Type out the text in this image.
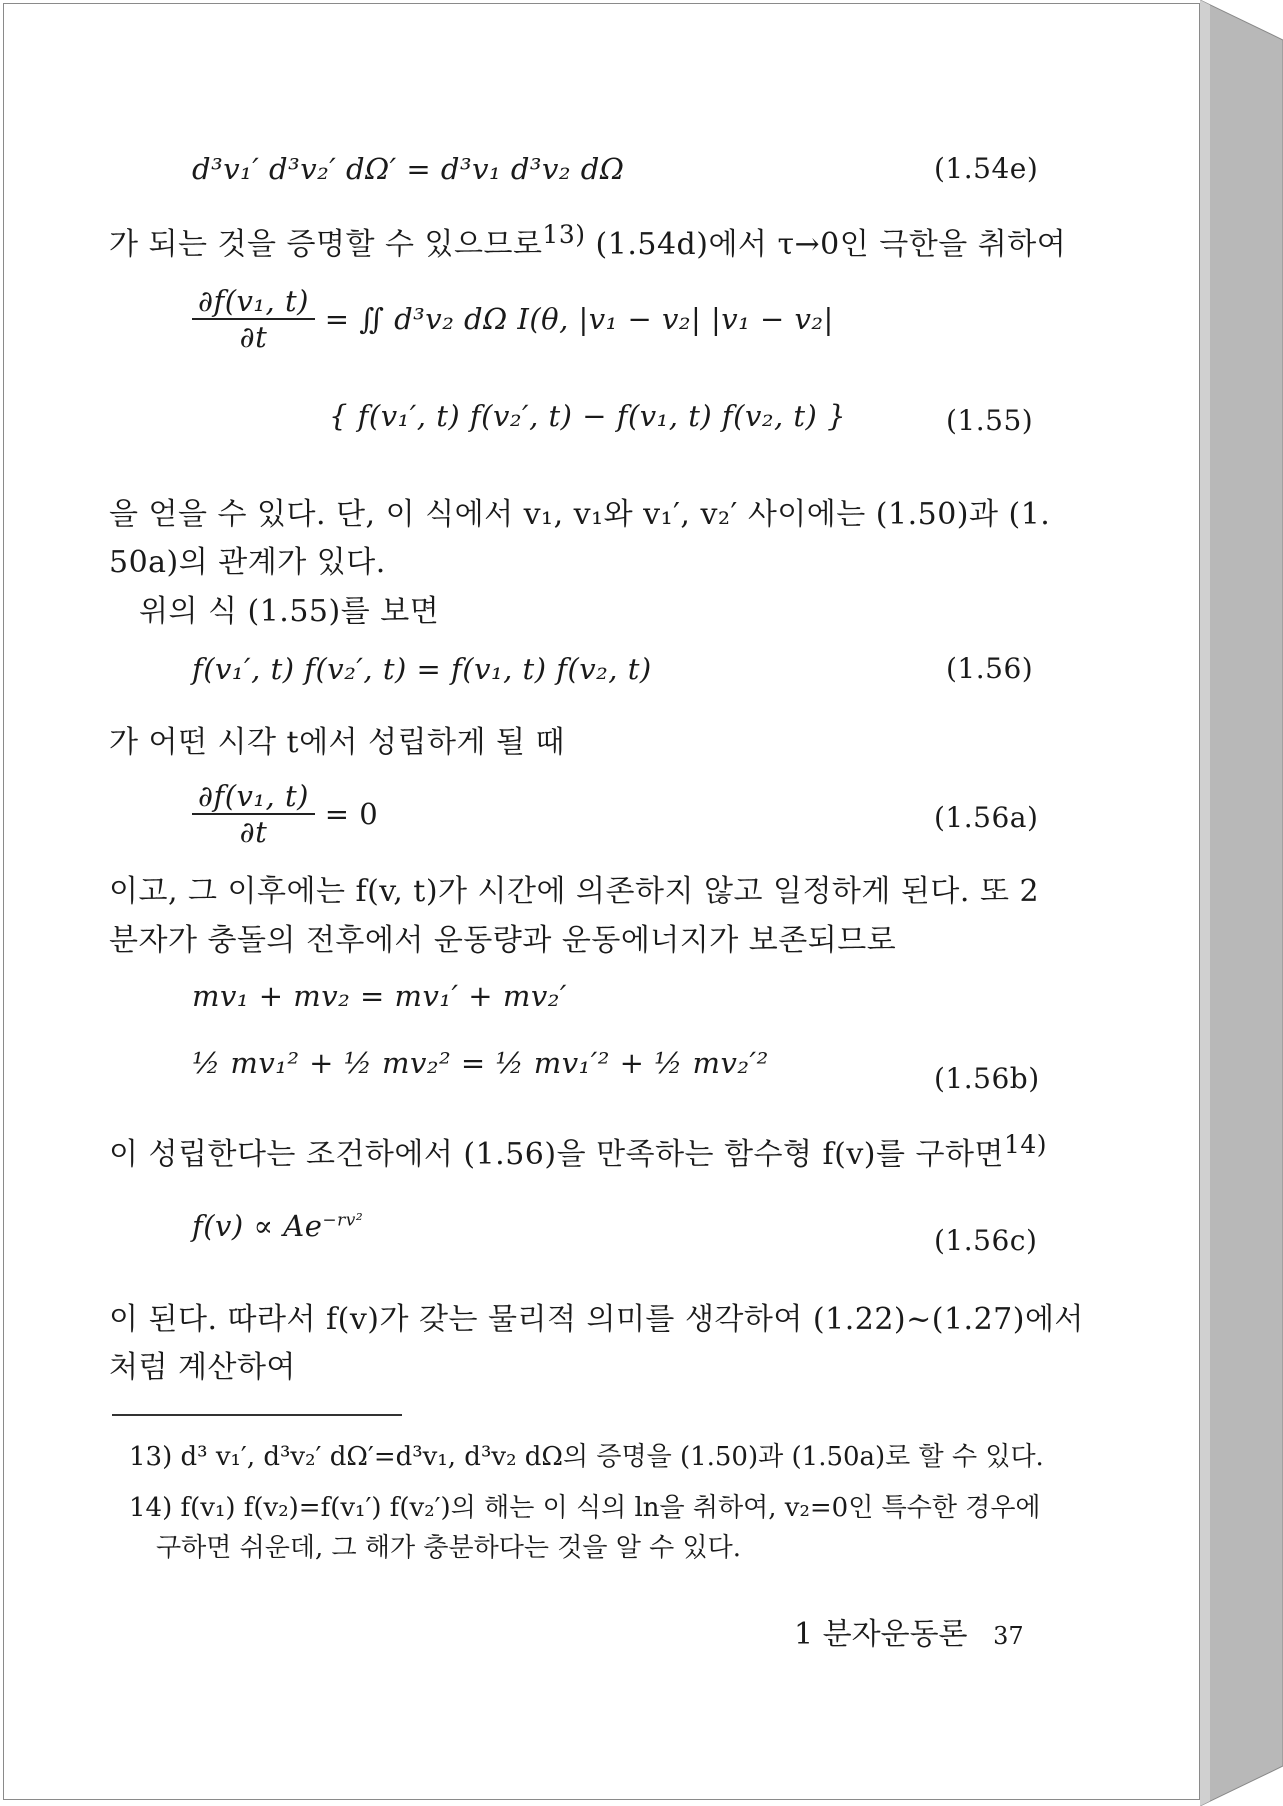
d³v₁′ d³v₂′ dΩ′ = d³v₁ d³v₂ dΩ	(1.54e)
가 되는 것을 증명할 수 있으므로$^{13)}$ (1.54d)에서 τ→0인 극한을 취하여
$\frac{\text{∂f(v₁, t)}}{\partial t}$ = ∬ d³v₂ dΩ I(θ, |v₁ − v₂| |v₁ − v₂|
{ f(v₁′, t) f(v₂′, t) − f(v₁, t) f(v₂, t) }	(1.55)
을 얻을 수 있다. 단, 이 식에서 v₁, v₁와 v₁′, v₂′ 사이에는 (1.50)과 (1.
50a)의 관계가 있다.
위의 식 (1.55)를 보면
f(v₁′, t) f(v₂′, t) = f(v₁, t) f(v₂, t)	(1.56)
가 어떤 시각 t에서 성립하게 될 때
$\frac{\text{∂f(v₁, t)}}{\partial t} = 0$	(1.56a)
이고, 그 이후에는 f(v, t)가 시간에 의존하지 않고 일정하게 된다. 또 2
분자가 충돌의 전후에서 운동량과 운동에너지가 보존되므로
mv₁ + mv₂ = mv₁′ + mv₂′
½ mv₁² + ½ mv₂² = ½ mv₁′² + ½ mv₂′²	(1.56b)
이 성립한다는 조건하에서 (1.56)을 만족하는 함수형 f(v)를 구하면$^{14)}$
$f(v) \propto Ae^{-rv^2}$
(1.56c)
이 된다. 따라서 f(v)가 갖는 물리적 의미를 생각하여 (1.22)~(1.27)에서
처럼 계산하여
13) d³ v₁′, d³v₂′ dΩ′=d³v₁, d³v₂ dΩ의 증명을 (1.50)과 (1.50a)로 할 수 있다.
14) f(v₁) f(v₂)=f(v₁′) f(v₂′)의 해는 이 식의 ln을 취하여, v₂=0인 특수한 경우에
구하면 쉬운데, 그 해가 충분하다는 것을 알 수 있다.
1 분자운동론 37
